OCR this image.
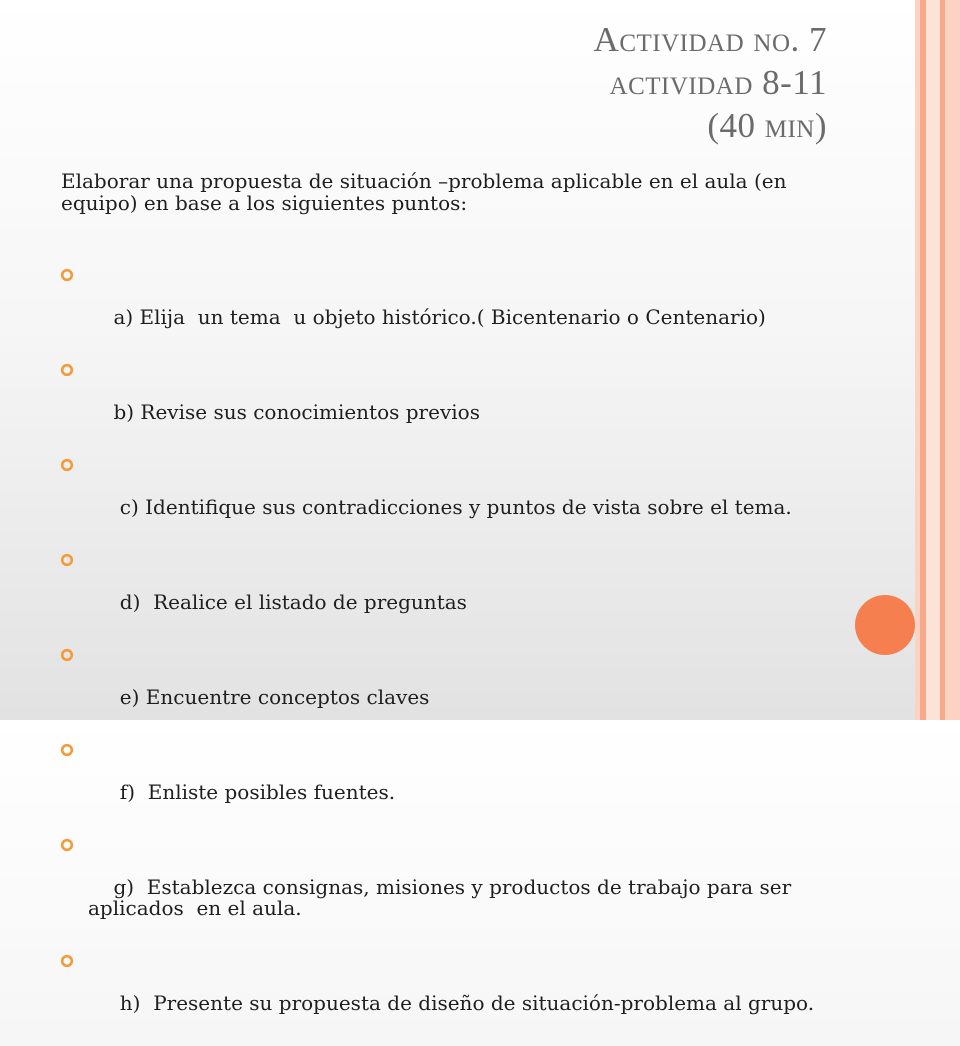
Actividad no. 7
actividad 8-11
(40 min)

Elaborar una propuesta de situación –problema aplicable en el aula (en equipo) en base a los siguientes puntos:

a) Elija  un tema  u objeto histórico.( Bicentenario o Centenario)

b) Revise sus conocimientos previos

c) Identifique sus contradicciones y puntos de vista sobre el tema.

d)  Realice el listado de preguntas

e) Encuentre conceptos claves

f)  Enliste posibles fuentes.

g)  Establezca consignas, misiones y productos de trabajo para ser aplicados  en el aula.

h)  Presente su propuesta de diseño de situación-problema al grupo.
